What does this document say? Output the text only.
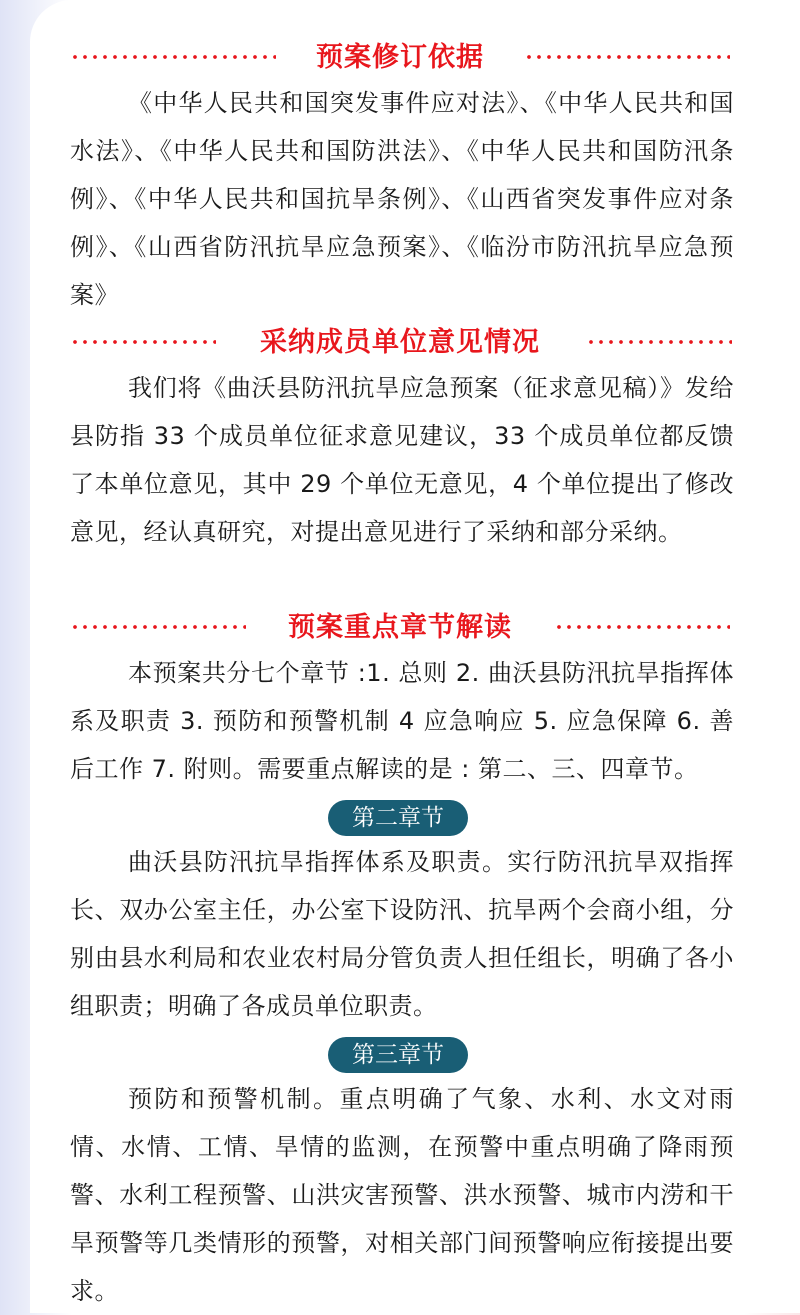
预案修订依据

《中华人民共和国突发事件应对法》、《中华人民共和国水法》、《中华人民共和国防洪法》、《中华人民共和国防汛条例》、《中华人民共和国抗旱条例》、《山西省突发事件应对条例》、《山西省防汛抗旱应急预案》、《临汾市防汛抗旱应急预案》

采纳成员单位意见情况

我们将《曲沃县防汛抗旱应急预案（征求意见稿）》发给县防指 33 个成员单位征求意见建议，33 个成员单位都反馈了本单位意见，其中 29 个单位无意见，4 个单位提出了修改意见，经认真研究，对提出意见进行了采纳和部分采纳。

预案重点章节解读

本预案共分七个章节 :1. 总则 2. 曲沃县防汛抗旱指挥体系及职责 3. 预防和预警机制 4 应急响应 5. 应急保障 6. 善后工作 7. 附则。需要重点解读的是 : 第二、三、四章节。

第二章节

曲沃县防汛抗旱指挥体系及职责。实行防汛抗旱双指挥长、双办公室主任，办公室下设防汛、抗旱两个会商小组，分别由县水利局和农业农村局分管负责人担任组长，明确了各小组职责；明确了各成员单位职责。

第三章节

预防和预警机制。重点明确了气象、水利、水文对雨情、水情、工情、旱情的监测，在预警中重点明确了降雨预警、水利工程预警、山洪灾害预警、洪水预警、城市内涝和干旱预警等几类情形的预警，对相关部门间预警响应衔接提出要求。
